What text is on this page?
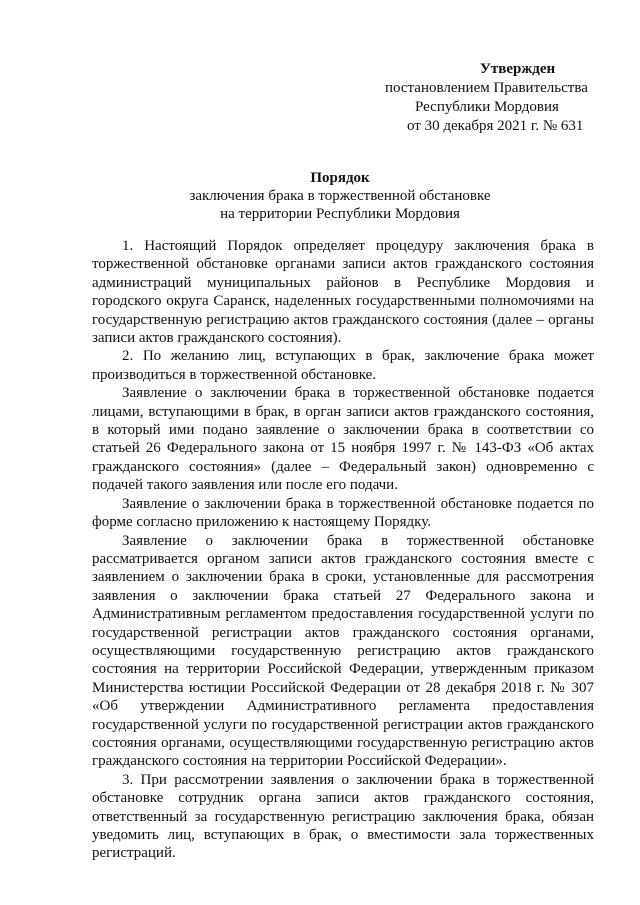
Утвержден
постановлением Правительства
Республики Мордовия
от 30 декабря 2021 г. № 631
Порядок
заключения брака в торжественной обстановке
на территории Республики Мордовия

1. Настоящий Порядок определяет процедуру заключения брака в торжественной обстановке органами записи актов гражданского состояния администраций муниципальных районов в Республике Мордовия и городского округа Саранск, наделенных государственными полномочиями на государственную регистрацию актов гражданского состояния (далее – органы записи актов гражданского состояния).

2. По желанию лиц, вступающих в брак, заключение брака может производиться в торжественной обстановке.

Заявление о заключении брака в торжественной обстановке подается лицами, вступающими в брак, в орган записи актов гражданского состояния, в который ими подано заявление о заключении брака в соответствии со статьей 26 Федерального закона от 15 ноября 1997 г. № 143-ФЗ «Об актах гражданского состояния» (далее – Федеральный закон) одновременно с подачей такого заявления или после его подачи.

Заявление о заключении брака в торжественной обстановке подается по форме согласно приложению к настоящему Порядку.

Заявление о заключении брака в торжественной обстановке рассматривается органом записи актов гражданского состояния вместе с заявлением о заключении брака в сроки, установленные для рассмотрения заявления о заключении брака статьей 27 Федерального закона и Административным регламентом предоставления государственной услуги по государственной регистрации актов гражданского состояния органами, осуществляющими государственную регистрацию актов гражданского состояния на территории Российской Федерации, утвержденным приказом Министерства юстиции Российской Федерации от 28 декабря 2018 г. № 307 «Об утверждении Административного регламента предоставления государственной услуги по государственной регистрации актов гражданского состояния органами, осуществляющими государственную регистрацию актов гражданского состояния на территории Российской Федерации».

3. При рассмотрении заявления о заключении брака в торжественной обстановке сотрудник органа записи актов гражданского состояния, ответственный за государственную регистрацию заключения брака, обязан уведомить лиц, вступающих в брак, о вместимости зала торжественных регистраций.
